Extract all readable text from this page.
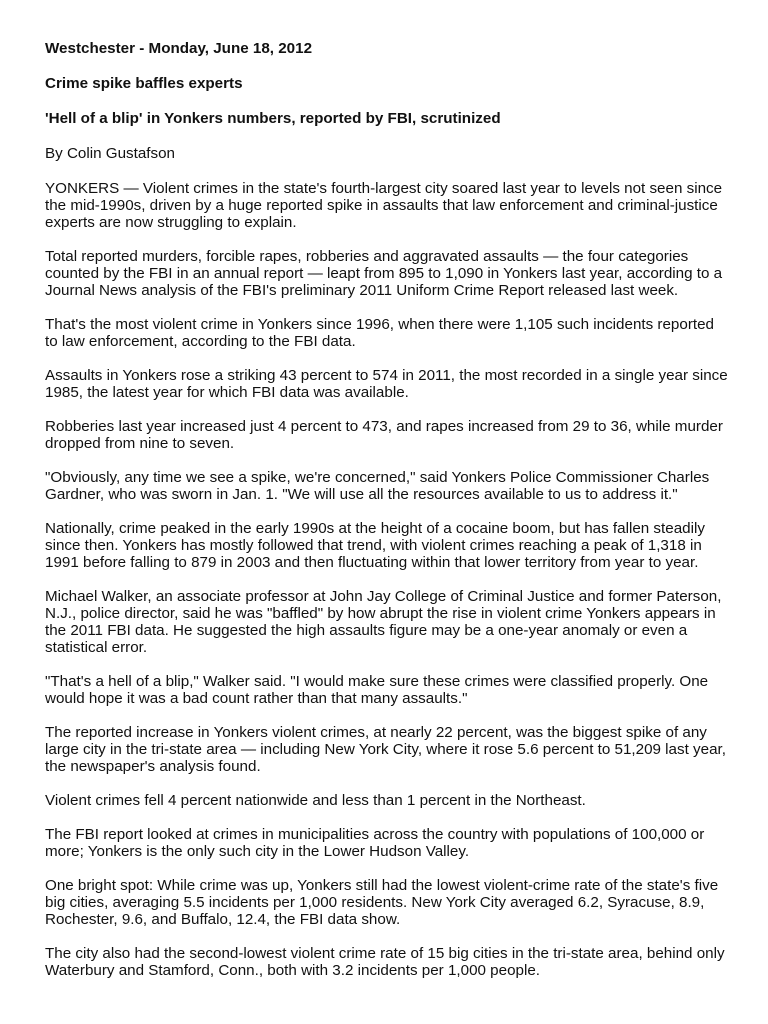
Westchester - Monday, June 18, 2012
Crime spike baffles experts
'Hell of a blip' in Yonkers numbers, reported by FBI, scrutinized
By Colin Gustafson

YONKERS — Violent crimes in the state's fourth-largest city soared last year to levels not seen since the mid-1990s, driven by a huge reported spike in assaults that law enforcement and criminal-justice experts are now struggling to explain.

Total reported murders, forcible rapes, robberies and aggravated assaults — the four categories counted by the FBI in an annual report — leapt from 895 to 1,090 in Yonkers last year, according to a Journal News analysis of the FBI's preliminary 2011 Uniform Crime Report released last week.

That's the most violent crime in Yonkers since 1996, when there were 1,105 such incidents reported to law enforcement, according to the FBI data.

Assaults in Yonkers rose a striking 43 percent to 574 in 2011, the most recorded in a single year since 1985, the latest year for which FBI data was available.

Robberies last year increased just 4 percent to 473, and rapes increased from 29 to 36, while murder dropped from nine to seven.

"Obviously, any time we see a spike, we're concerned," said Yonkers Police Commissioner Charles Gardner, who was sworn in Jan. 1. "We will use all the resources available to us to address it."

Nationally, crime peaked in the early 1990s at the height of a cocaine boom, but has fallen steadily since then. Yonkers has mostly followed that trend, with violent crimes reaching a peak of 1,318 in 1991 before falling to 879 in 2003 and then fluctuating within that lower territory from year to year.

Michael Walker, an associate professor at John Jay College of Criminal Justice and former Paterson, N.J., police director, said he was "baffled" by how abrupt the rise in violent crime Yonkers appears in the 2011 FBI data. He suggested the high assaults figure may be a one-year anomaly or even a statistical error.

"That's a hell of a blip," Walker said. "I would make sure these crimes were classified properly. One would hope it was a bad count rather than that many assaults."

The reported increase in Yonkers violent crimes, at nearly 22 percent, was the biggest spike of any large city in the tri-state area — including New York City, where it rose 5.6 percent to 51,209 last year, the newspaper's analysis found.

Violent crimes fell 4 percent nationwide and less than 1 percent in the Northeast.

The FBI report looked at crimes in municipalities across the country with populations of 100,000 or more; Yonkers is the only such city in the Lower Hudson Valley.

One bright spot: While crime was up, Yonkers still had the lowest violent-crime rate of the state's five big cities, averaging 5.5 incidents per 1,000 residents. New York City averaged 6.2, Syracuse, 8.9, Rochester, 9.6, and Buffalo, 12.4, the FBI data show.

The city also had the second-lowest violent crime rate of 15 big cities in the tri-state area, behind only Waterbury and Stamford, Conn., both with 3.2 incidents per 1,000 people.
